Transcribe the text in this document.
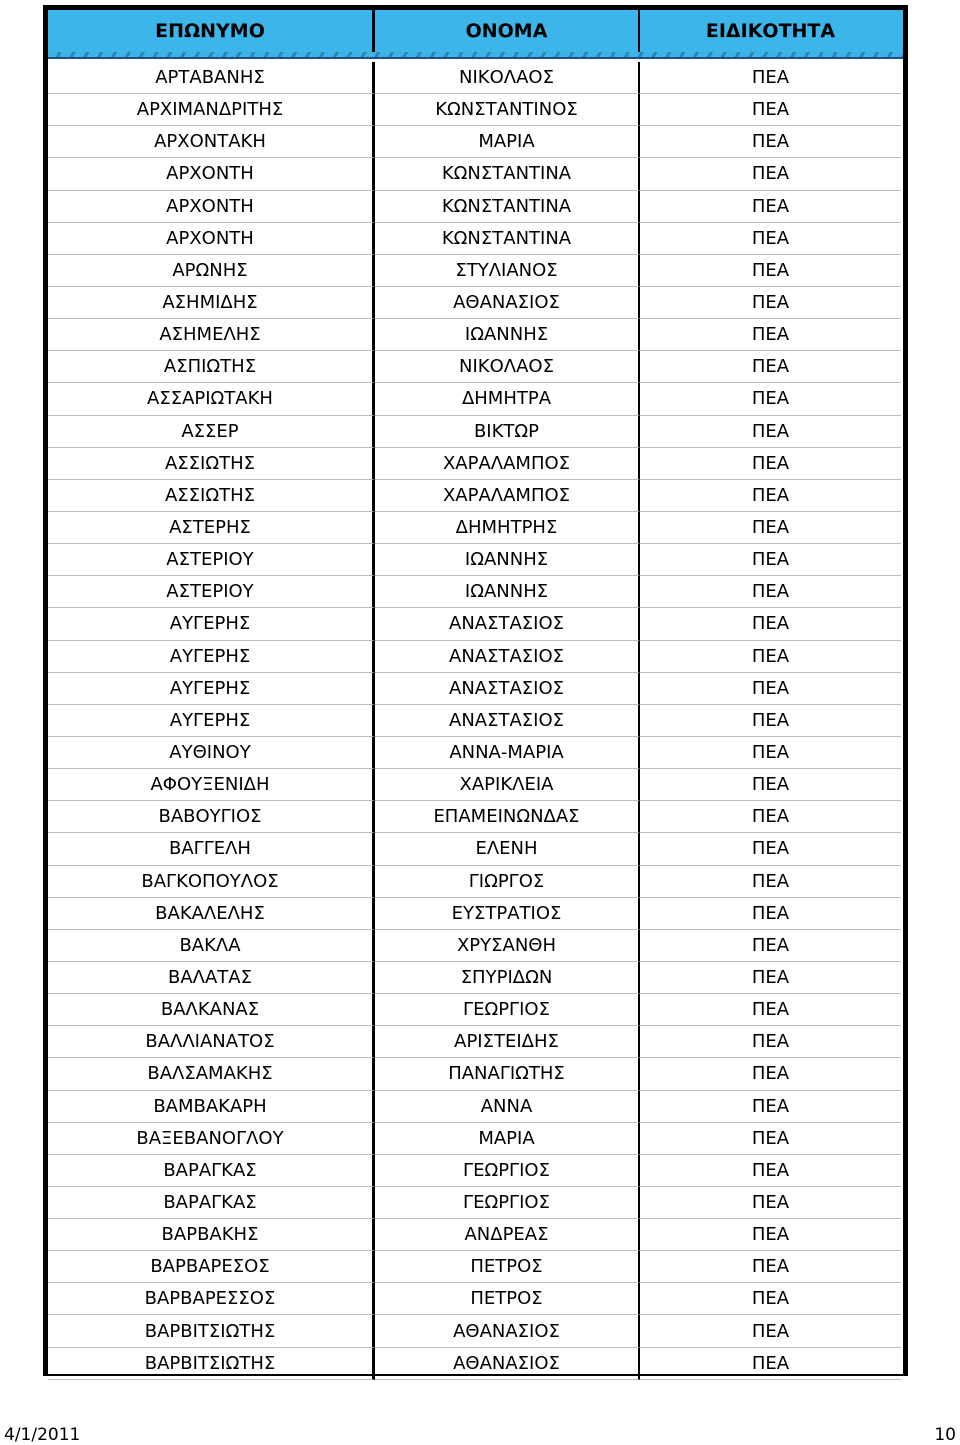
ΕΠΩΝΥΜΟ	ΟΝΟΜΑ	ΕΙΔΙΚΟΤΗΤΑ
ΑΡΤΑΒΑΝΗΣ	ΝΙΚΟΛΑΟΣ	ΠΕΑ
ΑΡΧΙΜΑΝΔΡΙΤΗΣ	ΚΩΝΣΤΑΝΤΙΝΟΣ	ΠΕΑ
ΑΡΧΟΝΤΑΚΗ	ΜΑΡΙΑ	ΠΕΑ
ΑΡΧΟΝΤΗ	ΚΩΝΣΤΑΝΤΙΝΑ	ΠΕΑ
ΑΡΧΟΝΤΗ	ΚΩΝΣΤΑΝΤΙΝΑ	ΠΕΑ
ΑΡΧΟΝΤΗ	ΚΩΝΣΤΑΝΤΙΝΑ	ΠΕΑ
ΑΡΩΝΗΣ	ΣΤΥΛΙΑΝΟΣ	ΠΕΑ
ΑΣΗΜΙΔΗΣ	ΑΘΑΝΑΣΙΟΣ	ΠΕΑ
ΑΣΗΜΕΛΗΣ	ΙΩΑΝΝΗΣ	ΠΕΑ
ΑΣΠΙΩΤΗΣ	ΝΙΚΟΛΑΟΣ	ΠΕΑ
ΑΣΣΑΡΙΩΤΑΚΗ	ΔΗΜΗΤΡΑ	ΠΕΑ
ΑΣΣΕΡ	ΒΙΚΤΩΡ	ΠΕΑ
ΑΣΣΙΩΤΗΣ	ΧΑΡΑΛΑΜΠΟΣ	ΠΕΑ
ΑΣΣΙΩΤΗΣ	ΧΑΡΑΛΑΜΠΟΣ	ΠΕΑ
ΑΣΤΕΡΗΣ	ΔΗΜΗΤΡΗΣ	ΠΕΑ
ΑΣΤΕΡΙΟΥ	ΙΩΑΝΝΗΣ	ΠΕΑ
ΑΣΤΕΡΙΟΥ	ΙΩΑΝΝΗΣ	ΠΕΑ
ΑΥΓΕΡΗΣ	ΑΝΑΣΤΑΣΙΟΣ	ΠΕΑ
ΑΥΓΕΡΗΣ	ΑΝΑΣΤΑΣΙΟΣ	ΠΕΑ
ΑΥΓΕΡΗΣ	ΑΝΑΣΤΑΣΙΟΣ	ΠΕΑ
ΑΥΓΕΡΗΣ	ΑΝΑΣΤΑΣΙΟΣ	ΠΕΑ
ΑΥΘΙΝΟΥ	ΑΝΝΑ-ΜΑΡΙΑ	ΠΕΑ
ΑΦΟΥΞΕΝΙΔΗ	ΧΑΡΙΚΛΕΙΑ	ΠΕΑ
ΒΑΒΟΥΓΙΟΣ	ΕΠΑΜΕΙΝΩΝΔΑΣ	ΠΕΑ
ΒΑΓΓΕΛΗ	ΕΛΕΝΗ	ΠΕΑ
ΒΑΓΚΟΠΟΥΛΟΣ	ΓΙΩΡΓΟΣ	ΠΕΑ
ΒΑΚΑΛΕΛΗΣ	ΕΥΣΤΡΑΤΙΟΣ	ΠΕΑ
ΒΑΚΛΑ	ΧΡΥΣΑΝΘΗ	ΠΕΑ
ΒΑΛΑΤΑΣ	ΣΠΥΡΙΔΩΝ	ΠΕΑ
ΒΑΛΚΑΝΑΣ	ΓΕΩΡΓΙΟΣ	ΠΕΑ
ΒΑΛΛΙΑΝΑΤΟΣ	ΑΡΙΣΤΕΙΔΗΣ	ΠΕΑ
ΒΑΛΣΑΜΑΚΗΣ	ΠΑΝΑΓΙΩΤΗΣ	ΠΕΑ
ΒΑΜΒΑΚΑΡΗ	ΑΝΝΑ	ΠΕΑ
ΒΑΞΕΒΑΝΟΓΛΟΥ	ΜΑΡΙΑ	ΠΕΑ
ΒΑΡΑΓΚΑΣ	ΓΕΩΡΓΙΟΣ	ΠΕΑ
ΒΑΡΑΓΚΑΣ	ΓΕΩΡΓΙΟΣ	ΠΕΑ
ΒΑΡΒΑΚΗΣ	ΑΝΔΡΕΑΣ	ΠΕΑ
ΒΑΡΒΑΡΕΣΟΣ	ΠΕΤΡΟΣ	ΠΕΑ
ΒΑΡΒΑΡΕΣΣΟΣ	ΠΕΤΡΟΣ	ΠΕΑ
ΒΑΡΒΙΤΣΙΩΤΗΣ	ΑΘΑΝΑΣΙΟΣ	ΠΕΑ
ΒΑΡΒΙΤΣΙΩΤΗΣ	ΑΘΑΝΑΣΙΟΣ	ΠΕΑ
4/1/2011	10
